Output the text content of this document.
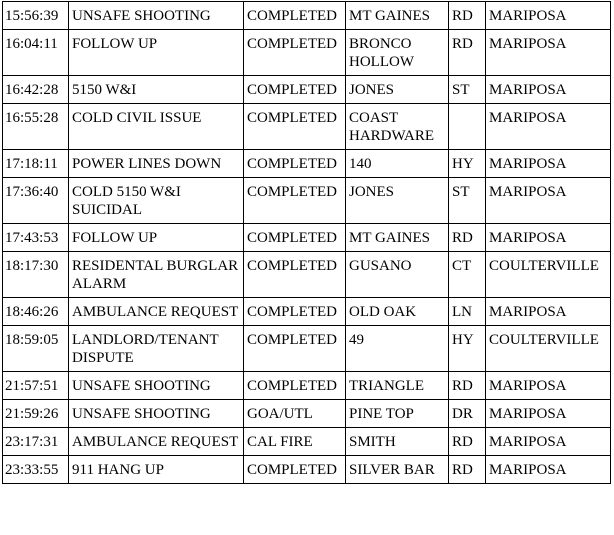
15:56:39	UNSAFE SHOOTING	COMPLETED	MT GAINES	RD	MARIPOSA
16:04:11	FOLLOW UP	COMPLETED	BRONCO HOLLOW	RD	MARIPOSA
16:42:28	5150 W&I	COMPLETED	JONES	ST	MARIPOSA
16:55:28	COLD CIVIL ISSUE	COMPLETED	COAST HARDWARE		MARIPOSA
17:18:11	POWER LINES DOWN	COMPLETED	140	HY	MARIPOSA
17:36:40	COLD 5150 W&I SUICIDAL	COMPLETED	JONES	ST	MARIPOSA
17:43:53	FOLLOW UP	COMPLETED	MT GAINES	RD	MARIPOSA
18:17:30	RESIDENTAL BURGLAR ALARM	COMPLETED	GUSANO	CT	COULTERVILLE
18:46:26	AMBULANCE REQUEST	COMPLETED	OLD OAK	LN	MARIPOSA
18:59:05	LANDLORD/TENANT DISPUTE	COMPLETED	49	HY	COULTERVILLE
21:57:51	UNSAFE SHOOTING	COMPLETED	TRIANGLE	RD	MARIPOSA
21:59:26	UNSAFE SHOOTING	GOA/UTL	PINE TOP	DR	MARIPOSA
23:17:31	AMBULANCE REQUEST	CAL FIRE	SMITH	RD	MARIPOSA
23:33:55	911 HANG UP	COMPLETED	SILVER BAR	RD	MARIPOSA
